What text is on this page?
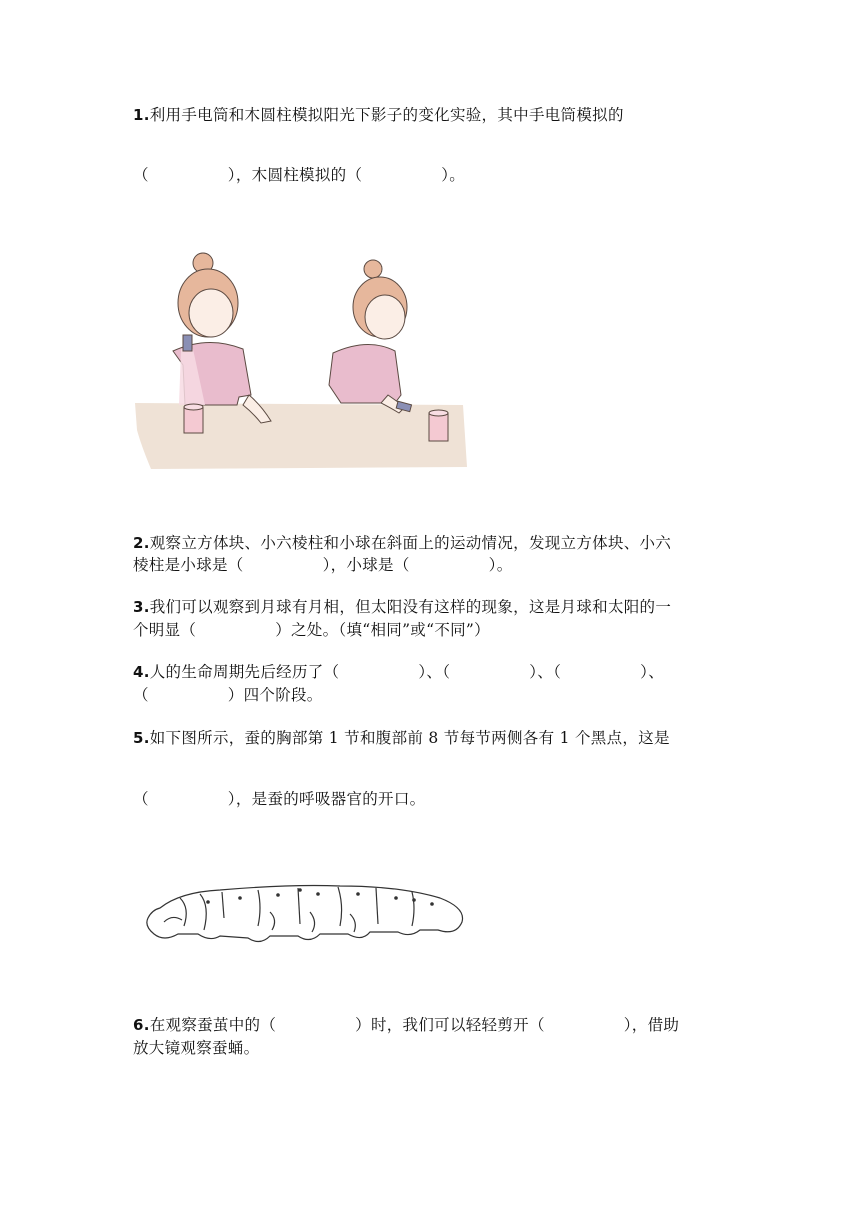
1.利用手电筒和木圆柱模拟阳光下影子的变化实验，其中手电筒模拟的
（　　　　　），木圆柱模拟的（　　　　　）。
2.观察立方体块、小六棱柱和小球在斜面上的运动情况，发现立方体块、小六
棱柱是小球是（　　　　　），小球是（　　　　　）。
3.我们可以观察到月球有月相，但太阳没有这样的现象，这是月球和太阳的一
个明显（　　　　　）之处。（填“相同”或“不同”）
4.人的生命周期先后经历了（　　　　　）、（　　　　　）、（　　　　　）、
（　　　　　）四个阶段。
5.如下图所示，蚕的胸部第 1 节和腹部前 8 节每节两侧各有 1 个黑点，这是
（　　　　　），是蚕的呼吸器官的开口。
6.在观察蚕茧中的（　　　　　）时，我们可以轻轻剪开（　　　　　），借助
放大镜观察蚕蛹。
